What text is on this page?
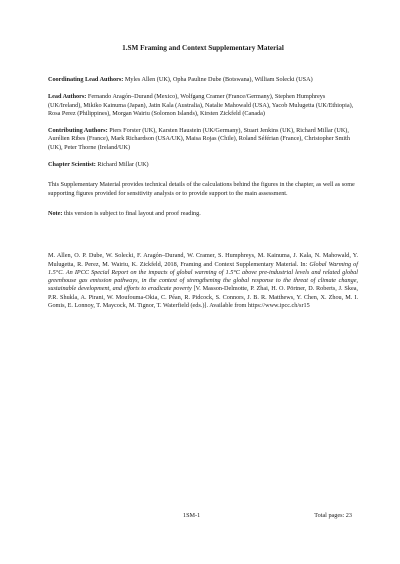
1.SM Framing and Context Supplementary Material

Coordinating Lead Authors: Myles Allen (UK), Opha Pauline Dube (Botswana), William Solecki (USA)

Lead Authors: Fernando Aragón–Durand (Mexico), Wolfgang Cramer (France/Germany), Stephen Humphreys (UK/Ireland), Mikiko Kainuma (Japan), Jatin Kala (Australia), Natalie Mahowald (USA), Yacob Mulugetta (UK/Ethiopia), Rosa Perez (Philippines), Morgan Wairiu (Solomon Islands), Kirsten Zickfeld (Canada)

Contributing Authors: Piers Forster (UK), Karsten Haustein (UK/Germany), Stuart Jenkins (UK), Richard Millar (UK), Aurélien Ribes (France), Mark Richardson (USA/UK), Maisa Rojas (Chile), Roland Séférian (France), Christopher Smith (UK), Peter Thorne (Ireland/UK)

Chapter Scientist: Richard Millar (UK)

This Supplementary Material provides technical details of the calculations behind the figures in the chapter, as well as some supporting figures provided for sensitivity analysis or to provide support to the main assessment.

Note: this version is subject to final layout and proof reading.

M. Allen, O. P. Dube, W. Solecki, F. Aragón–Durand, W. Cramer, S. Humphreys, M. Kainuma, J. Kala, N. Mahowald, Y. Mulugetta, R. Perez, M. Wairiu, K. Zickfeld, 2018, Framing and Context Supplementary Material. In: Global Warming of 1.5°C. An IPCC Special Report on the impacts of global warming of 1.5°C above pre-industrial levels and related global greenhouse gas emission pathways, in the context of strengthening the global response to the threat of climate change, sustainable development, and efforts to eradicate poverty [V. Masson-Delmotte, P. Zhai, H. O. Pörtner, D. Roberts, J. Skea, P.R. Shukla, A. Pirani, W. Moufouma-Okia, C. Péan, R. Pidcock, S. Connors, J. B. R. Matthews, Y. Chen, X. Zhou, M. I. Gomis, E. Lonnoy, T. Maycock, M. Tignor, T. Waterfield (eds.)]. Available from https://www.ipcc.ch/sr15

1SM-1	Total pages: 23
